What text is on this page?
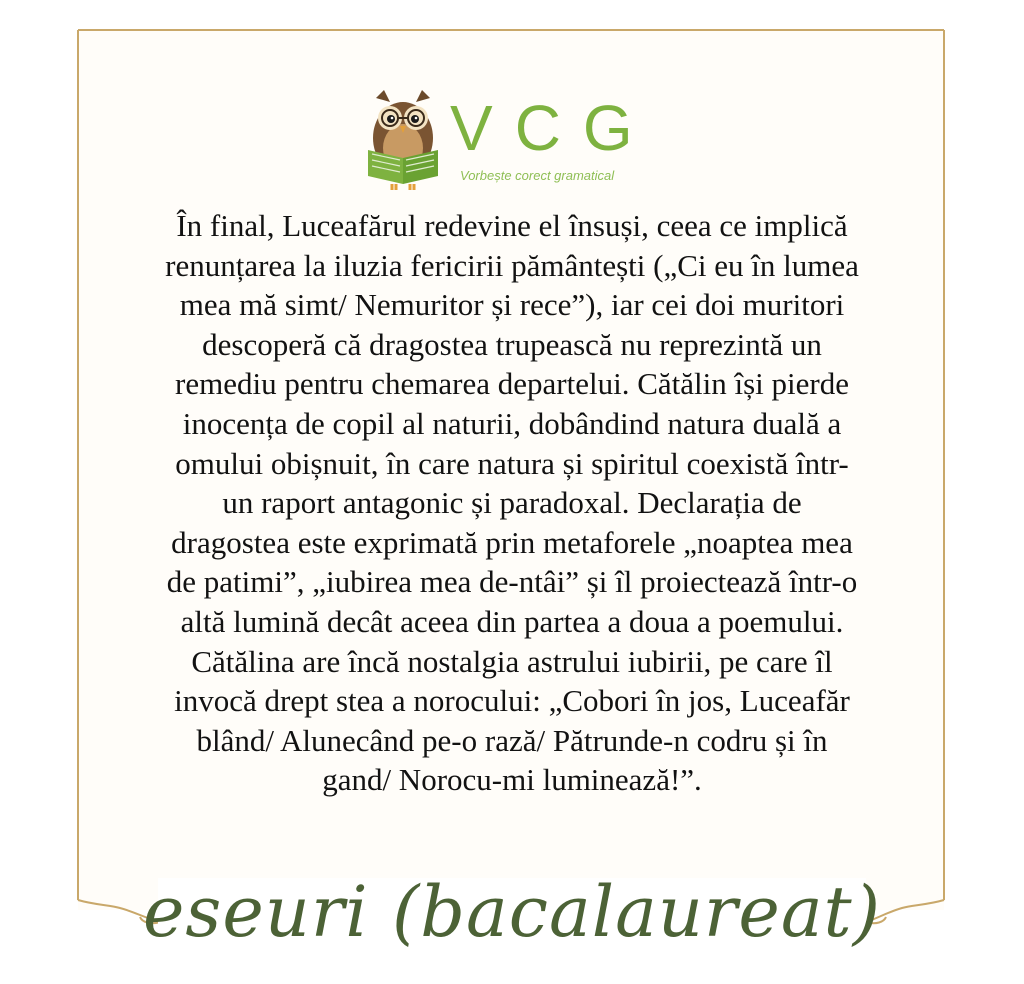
VCG
Vorbește corect gramatical
În final, Luceafărul redevine el însuși, ceea ce implică
renunțarea la iluzia fericirii pământești („Ci eu în lumea
mea mă simt/ Nemuritor și rece”), iar cei doi muritori
descoperă că dragostea trupească nu reprezintă un
remediu pentru chemarea departelui. Cătălin își pierde
inocența de copil al naturii, dobândind natura duală a
omului obișnuit, în care natura și spiritul coexistă într-
un raport antagonic și paradoxal. Declarația de
dragostea este exprimată prin metaforele „noaptea mea
de patimi”, „iubirea mea de-ntâi” și îl proiectează într-o
altă lumină decât aceea din partea a doua a poemului.
Cătălina are încă nostalgia astrului iubirii, pe care îl
invocă drept stea a norocului: „Cobori în jos, Luceafăr
blând/ Alunecând pe-o rază/ Pătrunde-n codru și în
gand/ Norocu-mi luminează!”.
eseuri (bacalaureat)
